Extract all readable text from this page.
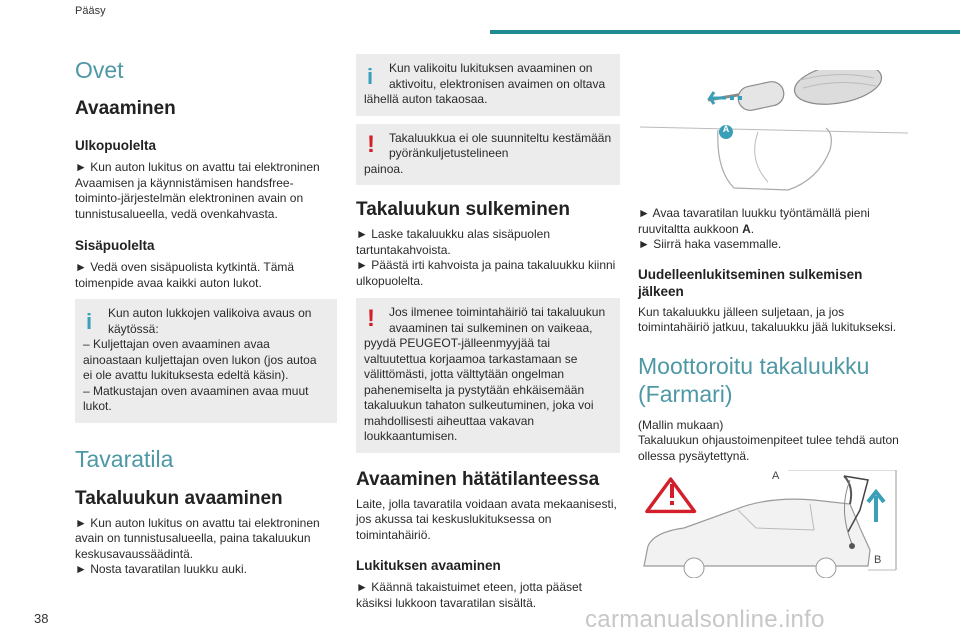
Pääsy
Ovet
Avaaminen
Ulkopuolelta

► Kun auton lukitus on avattu tai elektroninen Avaamisen ja käynnistämisen handsfree-toiminto-järjestelmän elektroninen avain on tunnistusalueella, vedä ovenkahvasta.

Sisäpuolelta

► Vedä oven sisäpuolista kytkintä. Tämä toimenpide avaa kaikki auton lukot.

i	Kun auton lukkojen valikoiva avaus on käytössä:

– Kuljettajan oven avaaminen avaa ainoastaan kuljettajan oven lukon (jos autoa ei ole avattu lukituksesta edeltä käsin).
– Matkustajan oven avaaminen avaa muut lukot.

Tavaratila
Takaluukun avaaminen

► Kun auton lukitus on avattu tai elektroninen avain on tunnistusalueella, paina takaluukun keskusavaussäädintä.
► Nosta tavaratilan luukku auki.

i	Kun valikoitu lukituksen avaaminen on aktivoitu, elektronisen avaimen on oltava

lähellä auton takaosaa.

!	Takaluukkua ei ole suunniteltu kestämään pyöränkuljetustelineen

painoa.

Takaluukun sulkeminen

► Laske takaluukku alas sisäpuolen tartuntakahvoista.
► Päästä irti kahvoista ja paina takaluukku kiinni ulkopuolelta.

!	Jos ilmenee toimintahäiriö tai takaluukun avaaminen tai sulkeminen on vaikeaa,

pyydä PEUGEOT-jälleenmyyjää tai valtuutettua korjaamoa tarkastamaan se välittömästi, jotta välttytään ongelman pahenemiselta ja pystytään ehkäisemään takaluukun tahaton sulkeutuminen, joka voi mahdollisesti aiheuttaa vakavan loukkaantumisen.

Avaaminen hätätilanteessa

Laite, jolla tavaratila voidaan avata mekaanisesti, jos akussa tai keskuslukituksessa on toimintahäiriö.

Lukituksen avaaminen

► Käännä takaistuimet eteen, jotta pääset käsiksi lukkoon tavaratilan sisältä.

A

► Avaa tavaratilan luukku työntämällä pieni ruuvitaltta aukkoon A.

► Siirrä haka vasemmalle.

Uudelleenlukitseminen sulkemisen jälkeen

Kun takaluukku jälleen suljetaan, ja jos toimintahäiriö jatkuu, takaluukku jää lukitukseksi.

Moottoroitu takaluukku (Farmari)

(Mallin mukaan)
Takaluukun ohjaustoimenpiteet tulee tehdä auton ollessa pysäytettynä.

A
B
38	carmanualsonline.info
